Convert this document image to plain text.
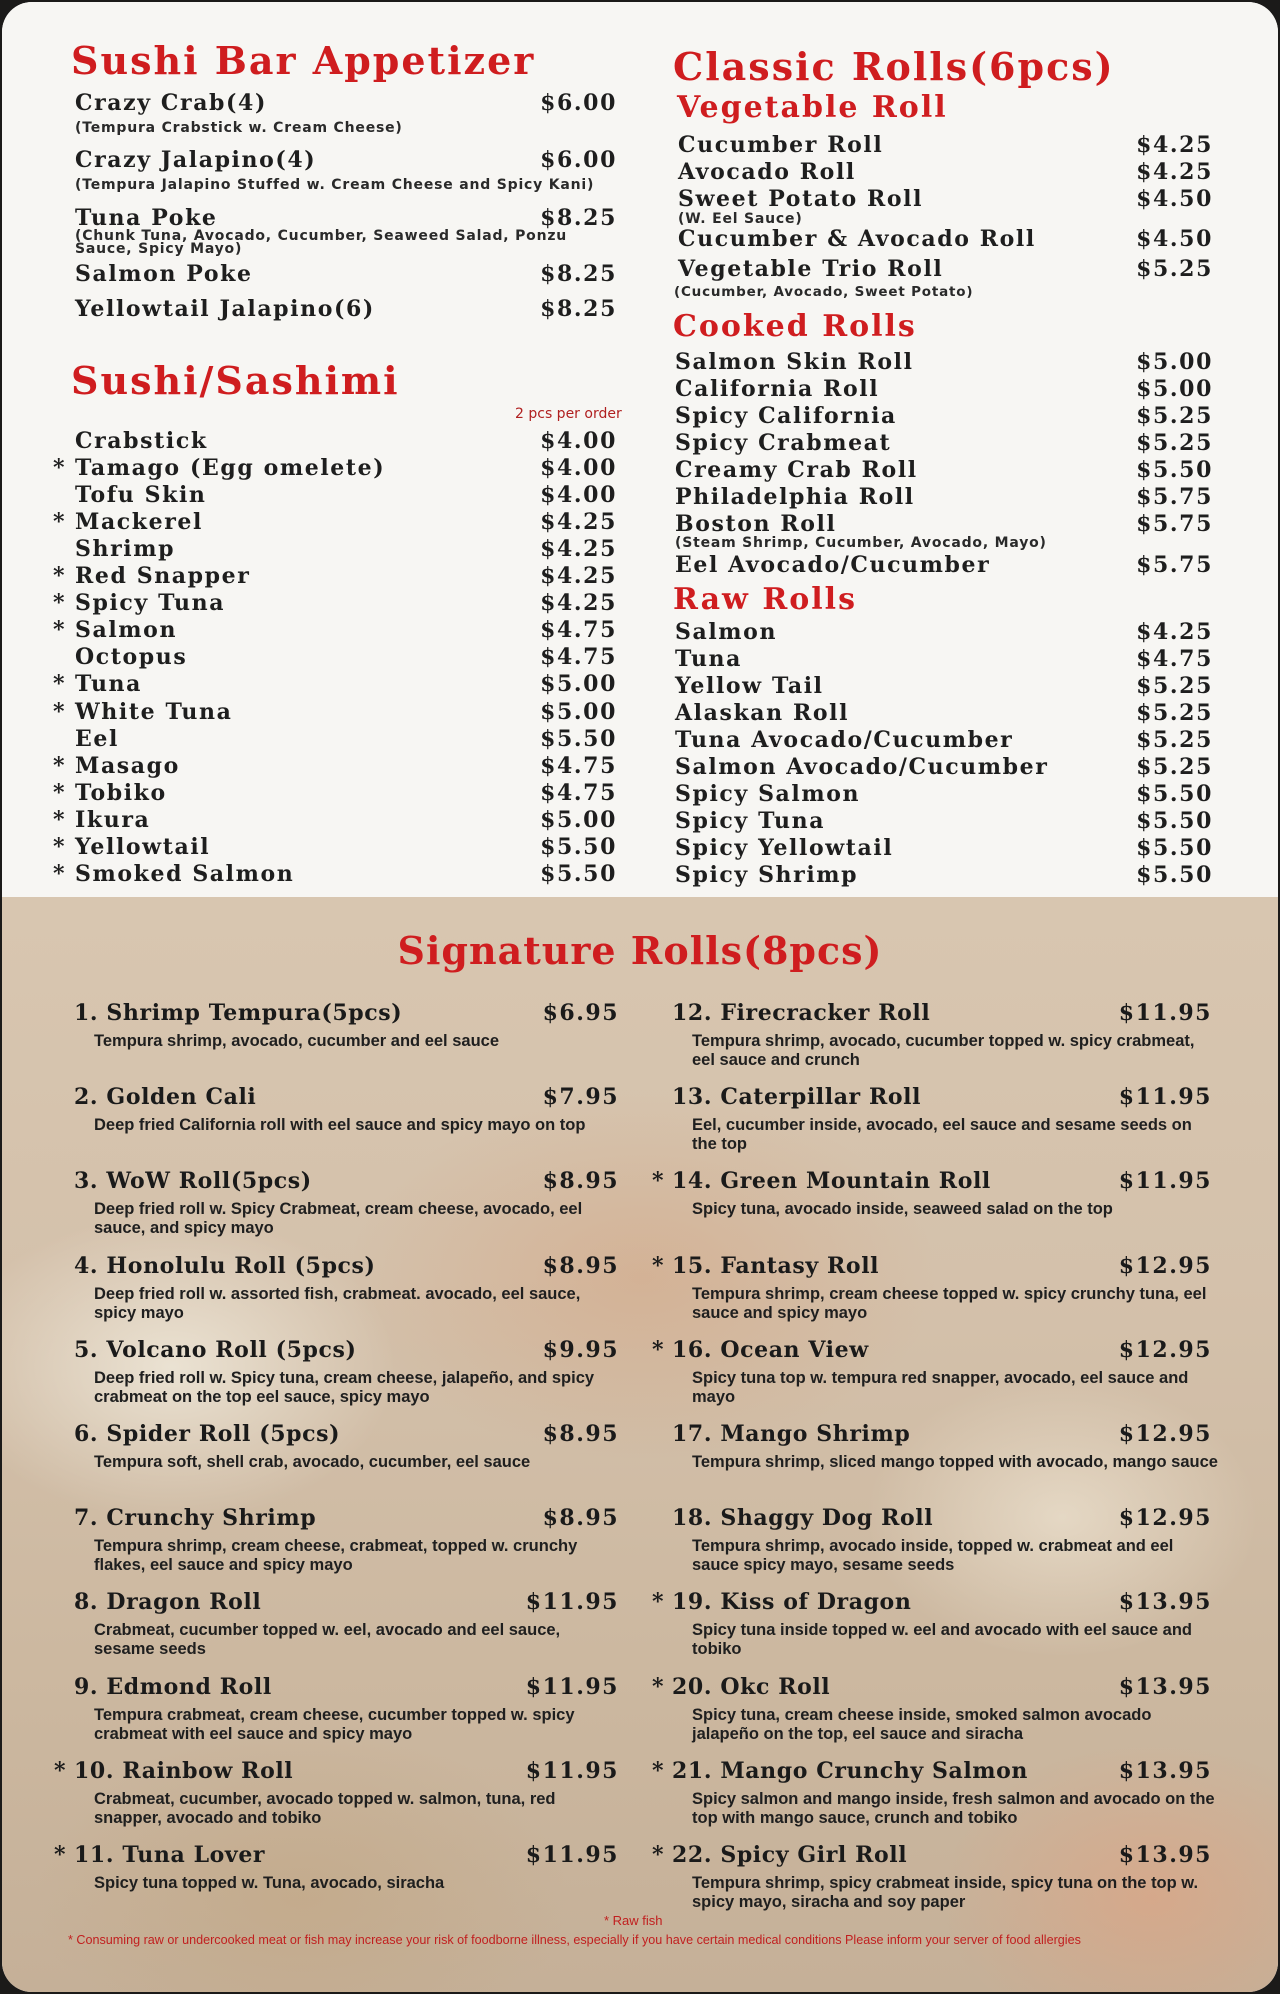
Sushi Bar Appetizer
Crazy Crab(4)	$6.00
(Tempura Crabstick w. Cream Cheese)
Crazy Jalapino(4)	$6.00
(Tempura Jalapino Stuffed w. Cream Cheese and Spicy Kani)
Tuna Poke	$8.25
(Chunk Tuna, Avocado, Cucumber, Seaweed Salad, Ponzu Sauce, Spicy Mayo)
Salmon Poke	$8.25
Yellowtail Jalapino(6)	$8.25
Sushi/Sashimi
2 pcs per order
Crabstick	$4.00
* Tamago (Egg omelete)	$4.00
Tofu Skin	$4.00
* Mackerel	$4.25
Shrimp	$4.25
* Red Snapper	$4.25
* Spicy Tuna	$4.25
* Salmon	$4.75
Octopus	$4.75
* Tuna	$5.00
* White Tuna	$5.00
Eel	$5.50
* Masago	$4.75
* Tobiko	$4.75
* Ikura	$5.00
* Yellowtail	$5.50
* Smoked Salmon	$5.50
Classic Rolls(6pcs)
Vegetable Roll
Cucumber Roll	$4.25
Avocado Roll	$4.25
Sweet Potato Roll	$4.50
(W. Eel Sauce)
Cucumber & Avocado Roll	$4.50
Vegetable Trio Roll	$5.25
(Cucumber, Avocado, Sweet Potato)
Cooked Rolls
Salmon Skin Roll	$5.00
California Roll	$5.00
Spicy California	$5.25
Spicy Crabmeat	$5.25
Creamy Crab Roll	$5.50
Philadelphia Roll	$5.75
Boston Roll	$5.75
Eel Avocado/Cucumber	$5.75
(Steam Shrimp, Cucumber, Avocado, Mayo)
Raw Rolls
Salmon	$4.25
Tuna	$4.75
Yellow Tail	$5.25
Alaskan Roll	$5.25
Tuna Avocado/Cucumber	$5.25
Salmon Avocado/Cucumber	$5.25
Spicy Salmon	$5.50
Spicy Tuna	$5.50
Spicy Yellowtail	$5.50
Spicy Shrimp	$5.50
Signature Rolls(8pcs)
1. Shrimp Tempura(5pcs)	$6.95
Tempura shrimp, avocado, cucumber and eel sauce
2. Golden Cali	$7.95
Deep fried California roll with eel sauce and spicy mayo on top
3. WoW Roll(5pcs)	$8.95
Deep fried roll w. Spicy Crabmeat, cream cheese, avocado, eel sauce, and spicy mayo
4. Honolulu Roll (5pcs)	$8.95
Deep fried roll w. assorted fish, crabmeat. avocado, eel sauce, spicy mayo
5. Volcano Roll (5pcs)	$9.95
Deep fried roll w. Spicy tuna, cream cheese, jalapeño, and spicy crabmeat on the top eel sauce, spicy mayo
6. Spider Roll (5pcs)	$8.95
Tempura soft, shell crab, avocado, cucumber, eel sauce
7. Crunchy Shrimp	$8.95
Tempura shrimp, cream cheese, crabmeat, topped w. crunchy flakes, eel sauce and spicy mayo
8. Dragon Roll	$11.95
Crabmeat, cucumber topped w. eel, avocado and eel sauce, sesame seeds
9. Edmond Roll	$11.95
Tempura crabmeat, cream cheese, cucumber topped w. spicy crabmeat with eel sauce and spicy mayo
* 10. Rainbow Roll	$11.95
Crabmeat, cucumber, avocado topped w. salmon, tuna, red snapper, avocado and tobiko
* 11. Tuna Lover	$11.95
Spicy tuna topped w. Tuna, avocado, siracha
12. Firecracker Roll	$11.95
Tempura shrimp, avocado, cucumber topped w. spicy crabmeat, eel sauce and crunch
13. Caterpillar Roll	$11.95
Eel, cucumber inside, avocado, eel sauce and sesame seeds on the top
* 14. Green Mountain Roll	$11.95
Spicy tuna, avocado inside, seaweed salad on the top
* 15. Fantasy Roll	$12.95
Tempura shrimp, cream cheese topped w. spicy crunchy tuna, eel sauce and spicy mayo
* 16. Ocean View	$12.95
Spicy tuna top w. tempura red snapper, avocado, eel sauce and mayo
17. Mango Shrimp	$12.95
Tempura shrimp, sliced mango topped with avocado, mango sauce
18. Shaggy Dog Roll	$12.95
Tempura shrimp, avocado inside, topped w. crabmeat and eel sauce spicy mayo, sesame seeds
* 19. Kiss of Dragon	$13.95
Spicy tuna inside topped w. eel and avocado with eel sauce and tobiko
* 20. Okc Roll	$13.95
Spicy tuna, cream cheese inside, smoked salmon avocado jalapeño on the top, eel sauce and siracha
* 21. Mango Crunchy Salmon	$13.95
Spicy salmon and mango inside, fresh salmon and avocado on the top with mango sauce, crunch and tobiko
* 22. Spicy Girl Roll	$13.95
Tempura shrimp, spicy crabmeat inside, spicy tuna on the top w. spicy mayo, siracha and soy paper
* Raw fish
* Consuming raw or undercooked meat or fish may increase your risk of foodborne illness, especially if you have certain medical conditions Please inform your server of food allergies
